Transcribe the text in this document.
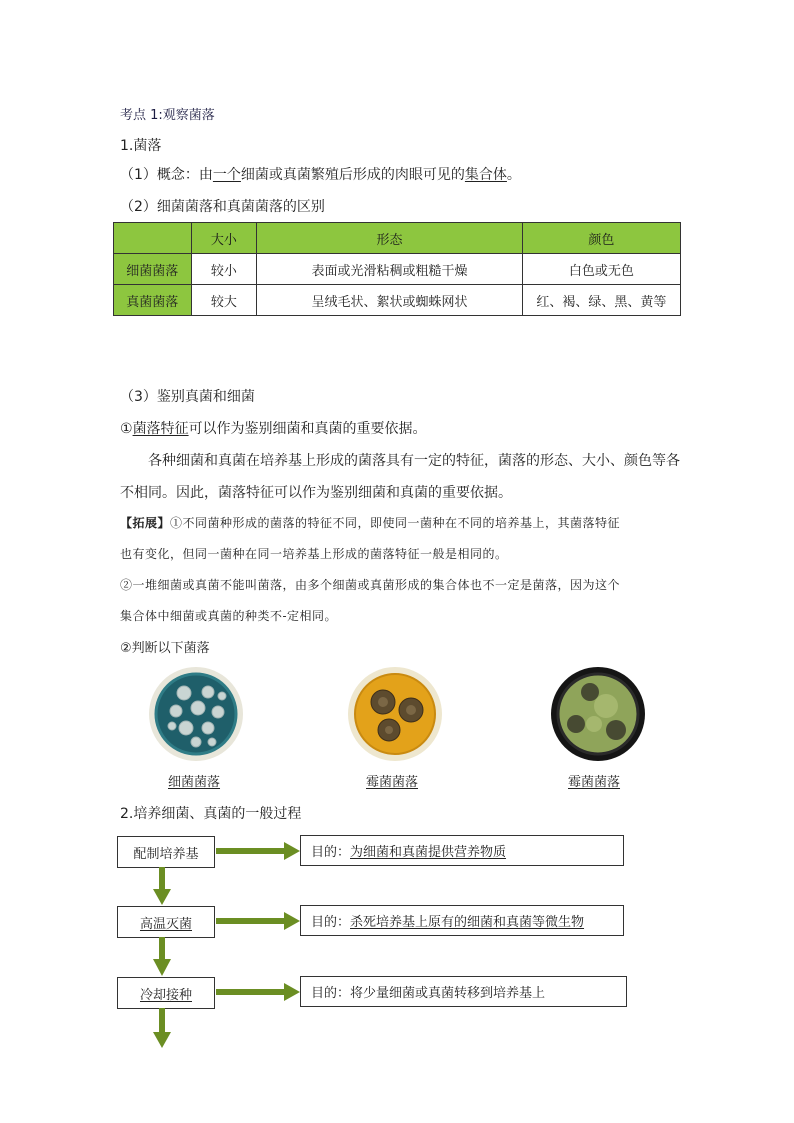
考点 1:观察菌落
1.菌落
（1）概念：由一个细菌或真菌繁殖后形成的肉眼可见的集合体。
（2）细菌菌落和真菌菌落的区别
	大小	形态	颜色
细菌菌落	较小	表面或光滑粘稠或粗糙干燥	白色或无色
真菌菌落	较大	呈绒毛状、絮状或蜘蛛网状	红、褐、绿、黑、黄等
（3）鉴别真菌和细菌
①菌落特征可以作为鉴别细菌和真菌的重要依据。
各种细菌和真菌在培养基上形成的菌落具有一定的特征，菌落的形态、大小、颜色等各
不相同。因此，菌落特征可以作为鉴别细菌和真菌的重要依据。
【拓展】①不同菌种形成的菌落的特征不同，即使同一菌种在不同的培养基上，其菌落特征
也有变化，但同一菌种在同一培养基上形成的菌落特征一般是相同的。
②一堆细菌或真菌不能叫菌落，由多个细菌或真菌形成的集合体也不一定是菌落，因为这个
集合体中细菌或真菌的种类不-定相同。
②判断以下菌落
细菌菌落	霉菌菌落	霉菌菌落
2.培养细菌、真菌的一般过程
配制培养基
高温灭菌
冷却接种
目的： 为细菌和真菌提供营养物质
目的： 杀死培养基上原有的细菌和真菌等微生物
目的： 将少量细菌或真菌转移到培养基上
